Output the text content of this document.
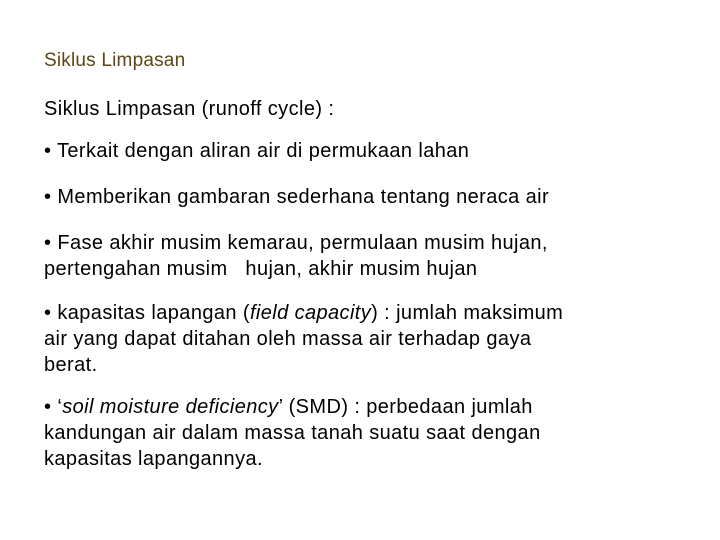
Siklus Limpasan

Siklus Limpasan (runoff cycle) :

• Terkait dengan aliran air di permukaan lahan

• Memberikan gambaran sederhana tentang neraca air

• Fase akhir musim kemarau, permulaan musim hujan,
pertengahan musim   hujan, akhir musim hujan

• kapasitas lapangan (field capacity) : jumlah maksimum
air yang dapat ditahan oleh massa air terhadap gaya
berat.

• ‘soil moisture deficiency’ (SMD) : perbedaan jumlah
kandungan air dalam massa tanah suatu saat dengan
kapasitas lapangannya.
